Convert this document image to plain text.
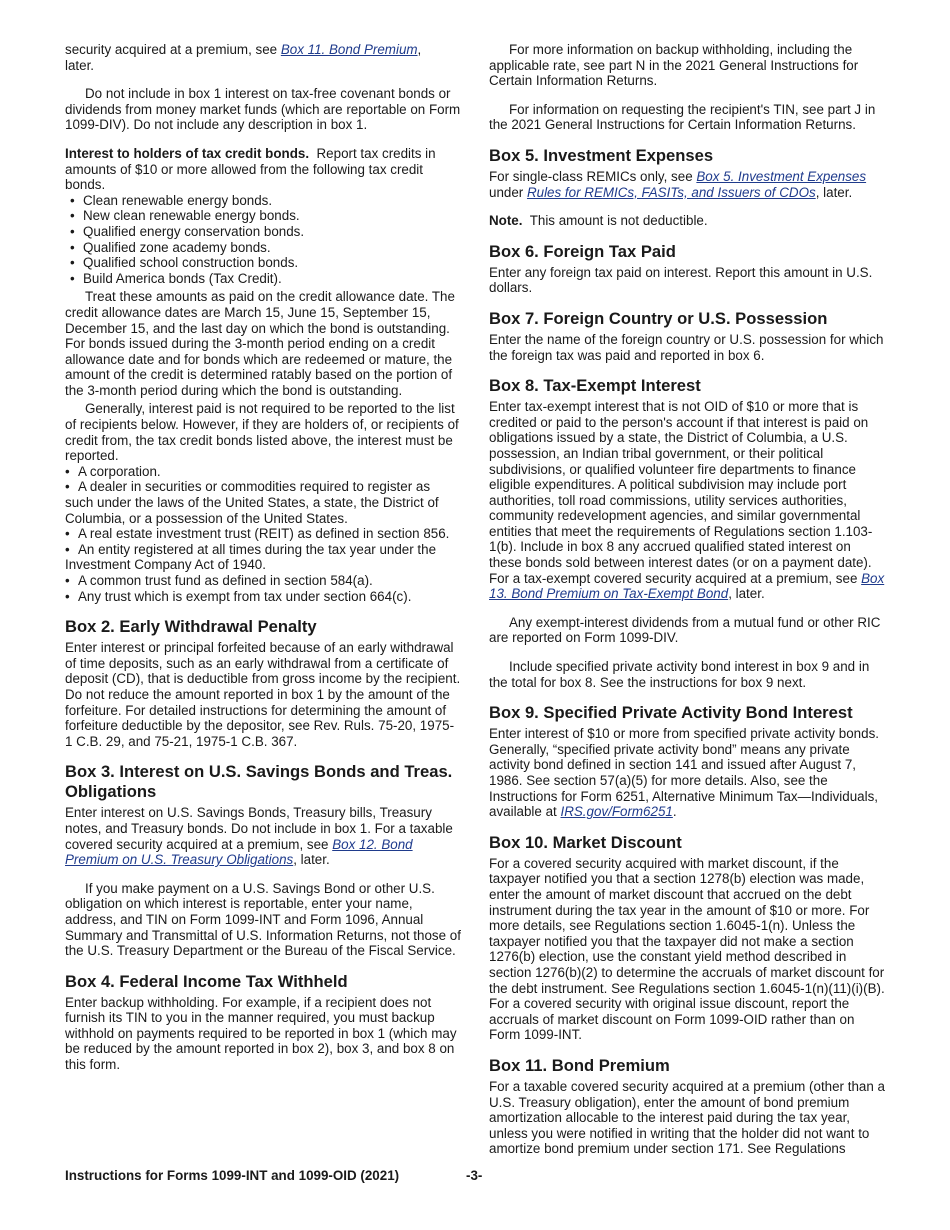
security acquired at a premium, see Box 11. Bond Premium,

later.

Do not include in box 1 interest on tax-free covenant bonds or dividends from money market funds (which are reportable on Form 1099-DIV). Do not include any description in box 1.

Interest to holders of tax credit bonds. Report tax credits in amounts of $10 or more allowed from the following tax credit bonds.

• Clean renewable energy bonds.
• New clean renewable energy bonds.
• Qualified energy conservation bonds.
• Qualified zone academy bonds.
• Qualified school construction bonds.
• Build America bonds (Tax Credit).

Treat these amounts as paid on the credit allowance date. The credit allowance dates are March 15, June 15, September 15, December 15, and the last day on which the bond is outstanding. For bonds issued during the 3-month period ending on a credit allowance date and for bonds which are redeemed or mature, the amount of the credit is determined ratably based on the portion of the 3-month period during which the bond is outstanding.

Generally, interest paid is not required to be reported to the list of recipients below. However, if they are holders of, or recipients of credit from, the tax credit bonds listed above, the interest must be reported.

• A corporation.
• A dealer in securities or commodities required to register as such under the laws of the United States, a state, the District of Columbia, or a possession of the United States.
• A real estate investment trust (REIT) as defined in section 856.
• An entity registered at all times during the tax year under the Investment Company Act of 1940.
• A common trust fund as defined in section 584(a).
• Any trust which is exempt from tax under section 664(c).
Box 2. Early Withdrawal Penalty

Enter interest or principal forfeited because of an early withdrawal of time deposits, such as an early withdrawal from a certificate of deposit (CD), that is deductible from gross income by the recipient. Do not reduce the amount reported in box 1 by the amount of the forfeiture. For detailed instructions for determining the amount of forfeiture deductible by the depositor, see Rev. Ruls. 75-20, 1975-1 C.B. 29, and 75-21, 1975-1 C.B. 367.

Box 3. Interest on U.S. Savings Bonds and Treas. Obligations

Enter interest on U.S. Savings Bonds, Treasury bills, Treasury notes, and Treasury bonds. Do not include in box 1. For a taxable covered security acquired at a premium, see Box 12. Bond Premium on U.S. Treasury Obligations, later.

If you make payment on a U.S. Savings Bond or other U.S. obligation on which interest is reportable, enter your name, address, and TIN on Form 1099-INT and Form 1096, Annual Summary and Transmittal of U.S. Information Returns, not those of the U.S. Treasury Department or the Bureau of the Fiscal Service.

Box 4. Federal Income Tax Withheld

Enter backup withholding. For example, if a recipient does not furnish its TIN to you in the manner required, you must backup withhold on payments required to be reported in box 1 (which may be reduced by the amount reported in box 2), box 3, and box 8 on this form.

For more information on backup withholding, including the applicable rate, see part N in the 2021 General Instructions for Certain Information Returns.

For information on requesting the recipient's TIN, see part J in the 2021 General Instructions for Certain Information Returns.

Box 5. Investment Expenses

For single-class REMICs only, see Box 5. Investment Expenses under Rules for REMICs, FASITs, and Issuers of CDOs, later.

Note. This amount is not deductible.

Box 6. Foreign Tax Paid

Enter any foreign tax paid on interest. Report this amount in U.S. dollars.

Box 7. Foreign Country or U.S. Possession

Enter the name of the foreign country or U.S. possession for which the foreign tax was paid and reported in box 6.

Box 8. Tax-Exempt Interest

Enter tax-exempt interest that is not OID of $10 or more that is credited or paid to the person's account if that interest is paid on obligations issued by a state, the District of Columbia, a U.S. possession, an Indian tribal government, or their political subdivisions, or qualified volunteer fire departments to finance eligible expenditures. A political subdivision may include port authorities, toll road commissions, utility services authorities, community redevelopment agencies, and similar governmental entities that meet the requirements of Regulations section 1.103-1(b). Include in box 8 any accrued qualified stated interest on these bonds sold between interest dates (or on a payment date). For a tax-exempt covered security acquired at a premium, see Box 13. Bond Premium on Tax-Exempt Bond, later.

Any exempt-interest dividends from a mutual fund or other RIC are reported on Form 1099-DIV.

Include specified private activity bond interest in box 9 and in the total for box 8. See the instructions for box 9 next.

Box 9. Specified Private Activity Bond Interest

Enter interest of $10 or more from specified private activity bonds. Generally, “specified private activity bond” means any private activity bond defined in section 141 and issued after August 7, 1986. See section 57(a)(5) for more details. Also, see the Instructions for Form 6251, Alternative Minimum Tax—Individuals, available at IRS.gov/Form6251.

Box 10. Market Discount

For a covered security acquired with market discount, if the taxpayer notified you that a section 1278(b) election was made, enter the amount of market discount that accrued on the debt instrument during the tax year in the amount of $10 or more. For more details, see Regulations section 1.6045-1(n). Unless the taxpayer notified you that the taxpayer did not make a section 1276(b) election, use the constant yield method described in section 1276(b)(2) to determine the accruals of market discount for the debt instrument. See Regulations section 1.6045-1(n)(11)(i)(B). For a covered security with original issue discount, report the accruals of market discount on Form 1099-OID rather than on Form 1099-INT.

Box 11. Bond Premium

For a taxable covered security acquired at a premium (other than a U.S. Treasury obligation), enter the amount of bond premium amortization allocable to the interest paid during the tax year, unless you were notified in writing that the holder did not want to amortize bond premium under section 171. See Regulations

Instructions for Forms 1099-INT and 1099-OID (2021)	-3-
